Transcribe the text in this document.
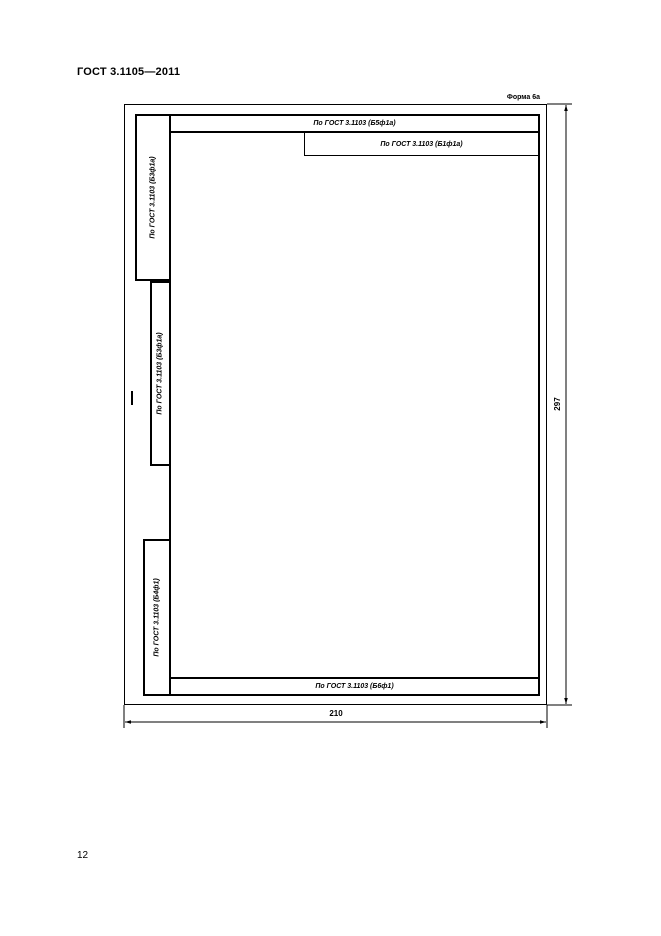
ГОСТ 3.1105—2011
Форма 6а
По ГОСТ 3.1103 (Б5ф1а)
По ГОСТ 3.1103 (Б1ф1а)
По ГОСТ 3.1103 (Б6ф1)
По ГОСТ 3.1103 (Б3ф1а)
По ГОСТ 3.1103 (Б3ф1а)
По ГОСТ 3.1103 (Б4ф1)
210
297
12
